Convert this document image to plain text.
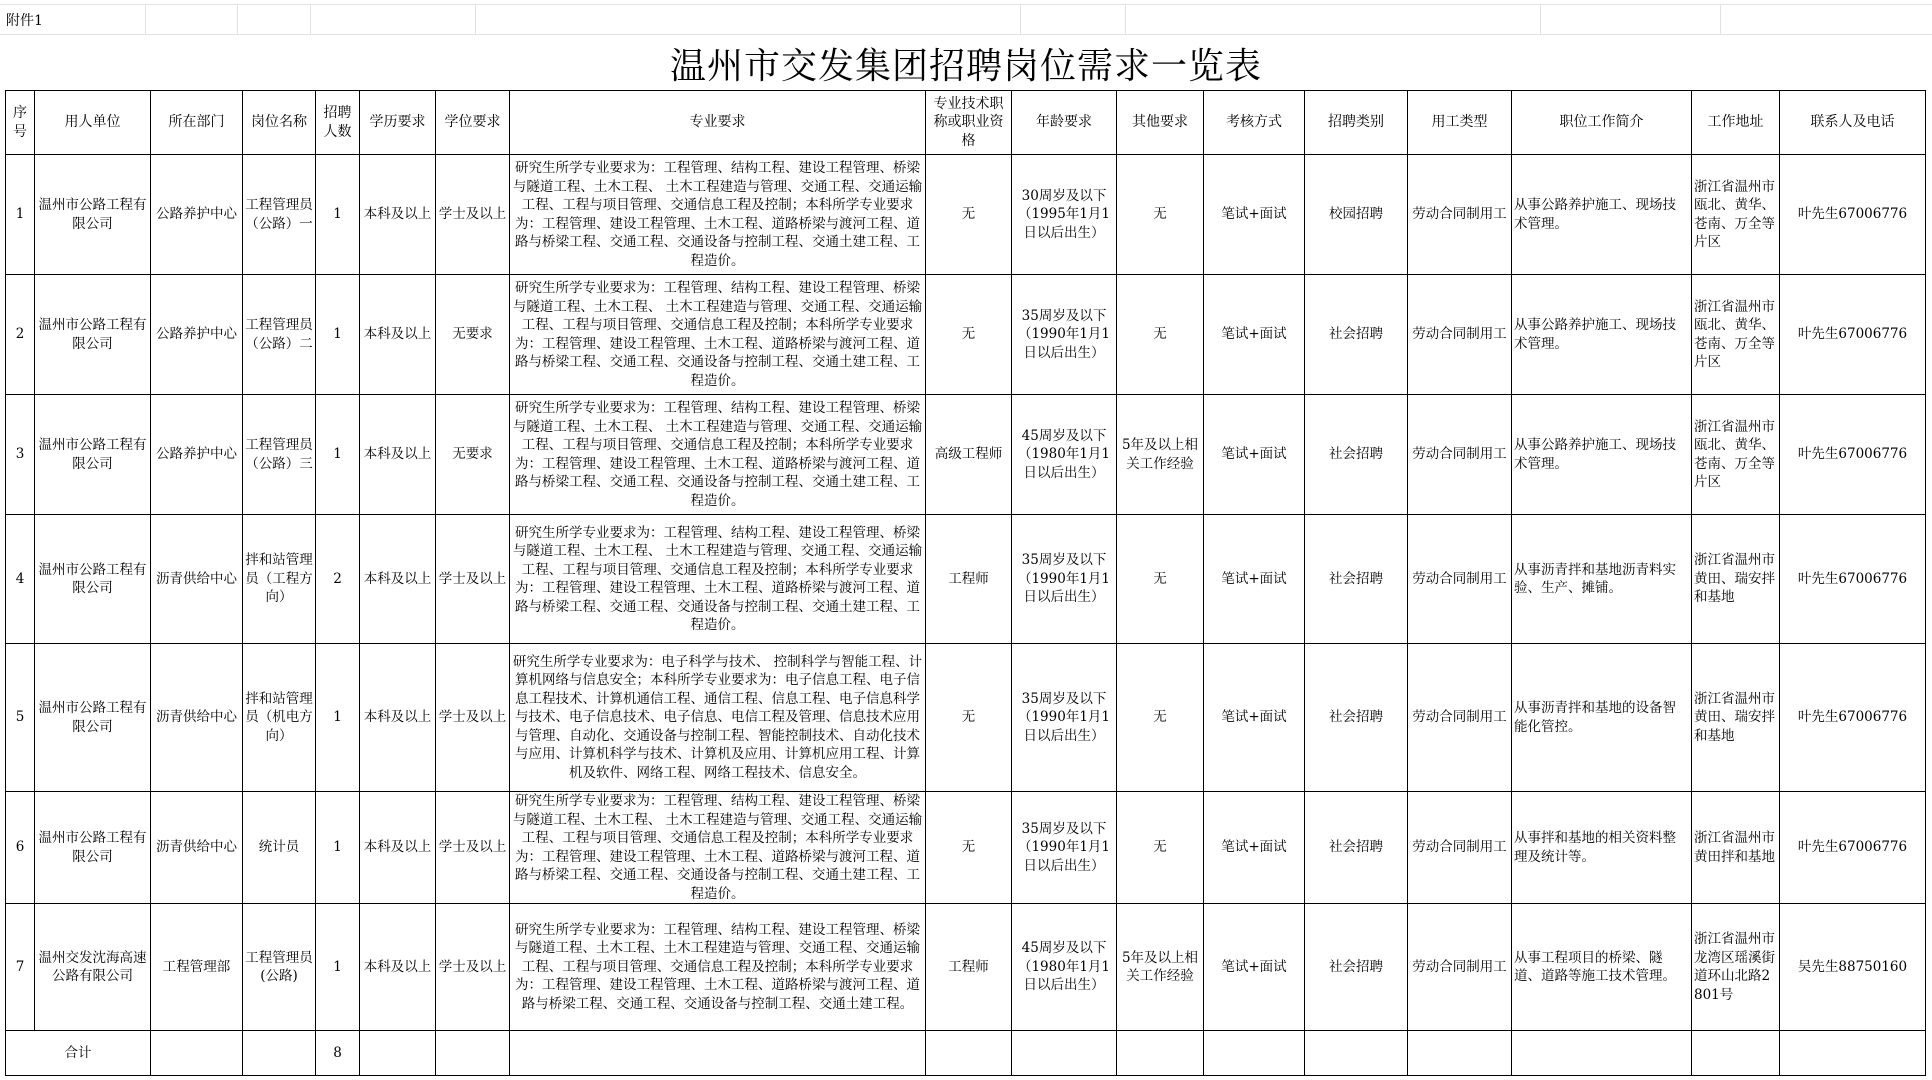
附件1
温州市交发集团招聘岗位需求一览表
序号	用人单位	所在部门	岗位名称	招聘人数	学历要求	学位要求	专业要求	专业技术职称或职业资格	年龄要求	其他要求	考核方式	招聘类别	用工类型	职位工作简介	工作地址	联系人及电话
1	温州市公路工程有限公司	公路养护中心	工程管理员（公路）一	1	本科及以上	学士及以上	研究生所学专业要求为：工程管理、结构工程、建设工程管理、桥梁与隧道工程、土木工程、 土木工程建造与管理、交通工程、交通运输工程、工程与项目管理、交通信息工程及控制；本科所学专业要求为：工程管理、建设工程管理、土木工程、道路桥梁与渡河工程、道路与桥梁工程、交通工程、交通设备与控制工程、交通土建工程、工程造价。	无	30周岁及以下（1995年1月1日以后出生）	无	笔试+面试	校园招聘	劳动合同制用工	从事公路养护施工、现场技术管理。	浙江省温州市瓯北、黄华、苍南、万全等片区	叶先生67006776
2	温州市公路工程有限公司	公路养护中心	工程管理员（公路）二	1	本科及以上	无要求	研究生所学专业要求为：工程管理、结构工程、建设工程管理、桥梁与隧道工程、土木工程、 土木工程建造与管理、交通工程、交通运输工程、工程与项目管理、交通信息工程及控制；本科所学专业要求为：工程管理、建设工程管理、土木工程、道路桥梁与渡河工程、道路与桥梁工程、交通工程、交通设备与控制工程、交通土建工程、工程造价。	无	35周岁及以下（1990年1月1日以后出生）	无	笔试+面试	社会招聘	劳动合同制用工	从事公路养护施工、现场技术管理。	浙江省温州市瓯北、黄华、苍南、万全等片区	叶先生67006776
3	温州市公路工程有限公司	公路养护中心	工程管理员（公路）三	1	本科及以上	无要求	研究生所学专业要求为：工程管理、结构工程、建设工程管理、桥梁与隧道工程、土木工程、 土木工程建造与管理、交通工程、交通运输工程、工程与项目管理、交通信息工程及控制；本科所学专业要求为：工程管理、建设工程管理、土木工程、道路桥梁与渡河工程、道路与桥梁工程、交通工程、交通设备与控制工程、交通土建工程、工程造价。	高级工程师	45周岁及以下（1980年1月1日以后出生）	5年及以上相关工作经验	笔试+面试	社会招聘	劳动合同制用工	从事公路养护施工、现场技术管理。	浙江省温州市瓯北、黄华、苍南、万全等片区	叶先生67006776
4	温州市公路工程有限公司	沥青供给中心	拌和站管理员（工程方向）	2	本科及以上	学士及以上	研究生所学专业要求为：工程管理、结构工程、建设工程管理、桥梁与隧道工程、土木工程、 土木工程建造与管理、交通工程、交通运输工程、工程与项目管理、交通信息工程及控制；本科所学专业要求为：工程管理、建设工程管理、土木工程、道路桥梁与渡河工程、道路与桥梁工程、交通工程、交通设备与控制工程、交通土建工程、工程造价。	工程师	35周岁及以下（1990年1月1日以后出生）	无	笔试+面试	社会招聘	劳动合同制用工	从事沥青拌和基地沥青料实验、生产、摊铺。	浙江省温州市黄田、瑞安拌和基地	叶先生67006776
5	温州市公路工程有限公司	沥青供给中心	拌和站管理员（机电方向）	1	本科及以上	学士及以上	研究生所学专业要求为：电子科学与技术、 控制科学与智能工程、计算机网络与信息安全；本科所学专业要求为：电子信息工程、电子信息工程技术、计算机通信工程、通信工程、信息工程、电子信息科学与技术、电子信息技术、电子信息、电信工程及管理、信息技术应用与管理、自动化、交通设备与控制工程、智能控制技术、自动化技术与应用、计算机科学与技术、计算机及应用、计算机应用工程、计算机及软件、网络工程、网络工程技术、信息安全。	无	35周岁及以下（1990年1月1日以后出生）	无	笔试+面试	社会招聘	劳动合同制用工	从事沥青拌和基地的设备智能化管控。	浙江省温州市黄田、瑞安拌和基地	叶先生67006776
6	温州市公路工程有限公司	沥青供给中心	统计员	1	本科及以上	学士及以上	研究生所学专业要求为：工程管理、结构工程、建设工程管理、桥梁与隧道工程、土木工程、 土木工程建造与管理、交通工程、交通运输工程、工程与项目管理、交通信息工程及控制；本科所学专业要求为：工程管理、建设工程管理、土木工程、道路桥梁与渡河工程、道路与桥梁工程、交通工程、交通设备与控制工程、交通土建工程、工程造价。	无	35周岁及以下（1990年1月1日以后出生）	无	笔试+面试	社会招聘	劳动合同制用工	从事拌和基地的相关资料整理及统计等。	浙江省温州市黄田拌和基地	叶先生67006776
7	温州交发沈海高速公路有限公司	工程管理部	工程管理员(公路)	1	本科及以上	学士及以上	研究生所学专业要求为：工程管理、结构工程、建设工程管理、桥梁与隧道工程、土木工程、土木工程建造与管理、交通工程、交通运输工程、工程与项目管理、交通信息工程及控制；本科所学专业要求为：工程管理、建设工程管理、土木工程、道路桥梁与渡河工程、道路与桥梁工程、交通工程、交通设备与控制工程、交通土建工程。	工程师	45周岁及以下（1980年1月1日以后出生）	5年及以上相关工作经验	笔试+面试	社会招聘	劳动合同制用工	从事工程项目的桥梁、隧道、道路等施工技术管理。	浙江省温州市龙湾区瑶溪街道环山北路2801号	吴先生88750160
合计				8												
